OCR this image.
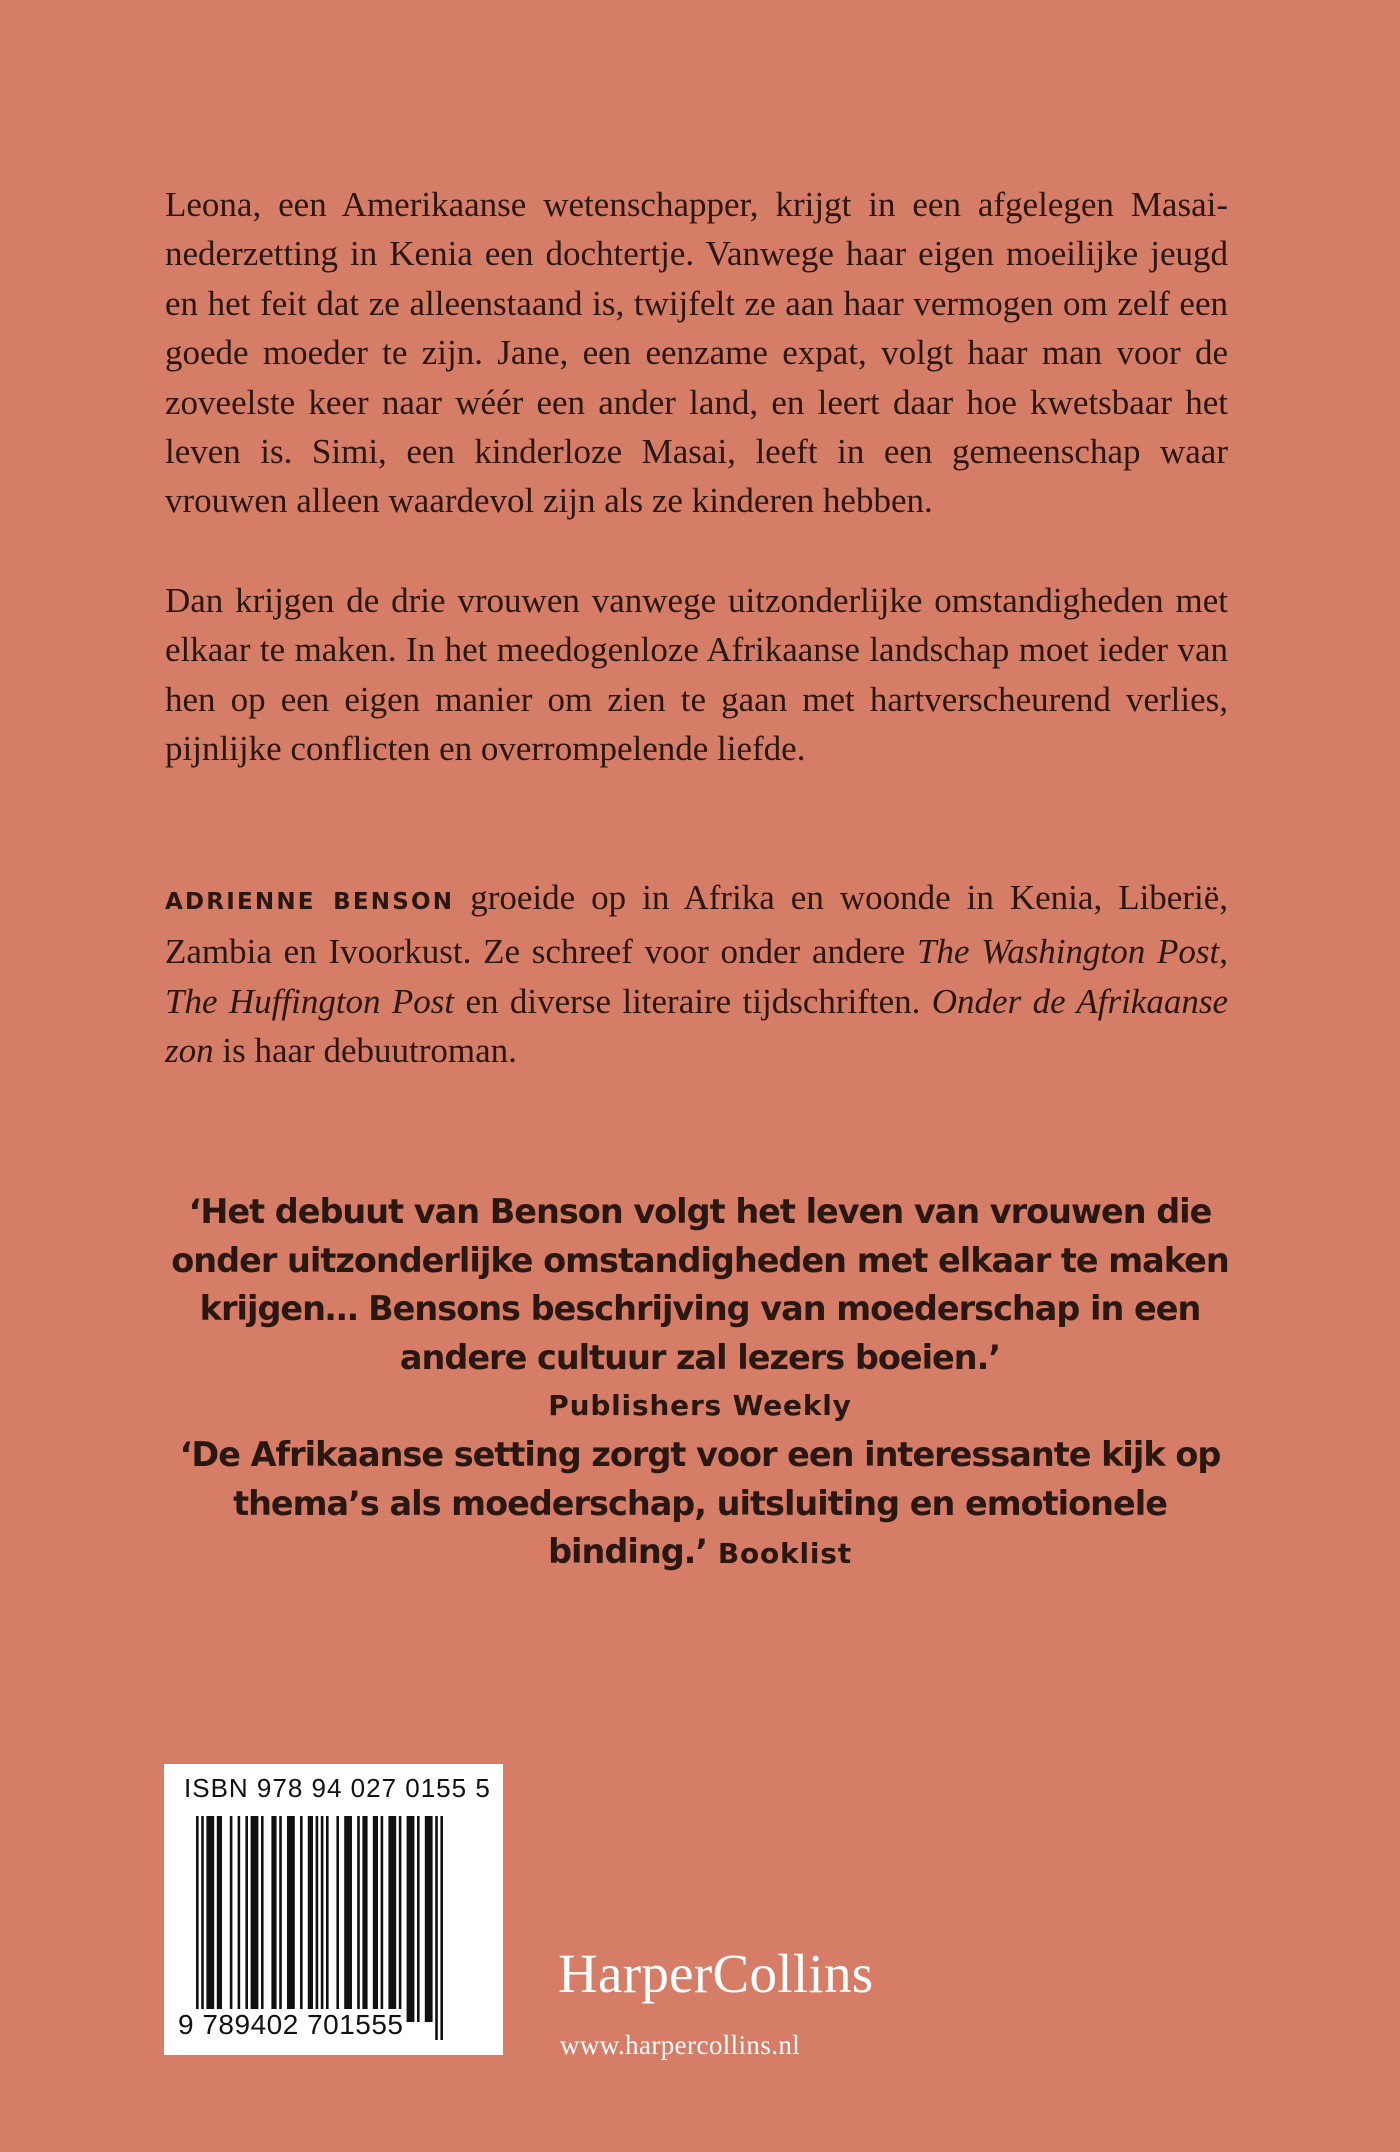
Leona, een Amerikaanse wetenschapper, krijgt in een afgelegen Masainederzetting in Kenia een dochtertje. Vanwege haar eigen moeilijke jeugd en het feit dat ze alleenstaand is, twijfelt ze aan haar vermogen om zelf een goede moeder te zijn. Jane, een eenzame expat, volgt haar man voor de zoveelste keer naar wéér een ander land, en leert daar hoe kwetsbaar het leven is. Simi, een kinderloze Masai, leeft in een gemeenschap waar vrouwen alleen waardevol zijn als ze kinderen hebben.

Dan krijgen de drie vrouwen vanwege uitzonderlijke omstandigheden met elkaar te maken. In het meedogenloze Afrikaanse landschap moet ieder van hen op een eigen manier om zien te gaan met hartverscheurend verlies, pijnlijke conflicten en overrompelende liefde.

ADRIENNE BENSON groeide op in Afrika en woonde in Kenia, Liberië, Zambia en Ivoorkust. Ze schreef voor onder andere The Washington Post, The Huffington Post en diverse literaire tijdschriften. Onder de Afrikaanse zon is haar debuutroman.

‘Het debuut van Benson volgt het leven van vrouwen die onder uitzonderlijke omstandigheden met elkaar te maken krijgen… Bensons beschrijving van moederschap in een andere cultuur zal lezers boeien.’
Publishers Weekly

‘De Afrikaanse setting zorgt voor een interessante kijk op thema’s als moederschap, uitsluiting en emotionele binding.’ Booklist

ISBN 978 94 027 0155 5
9 789402 701555
HarperCollins
www.harpercollins.nl
